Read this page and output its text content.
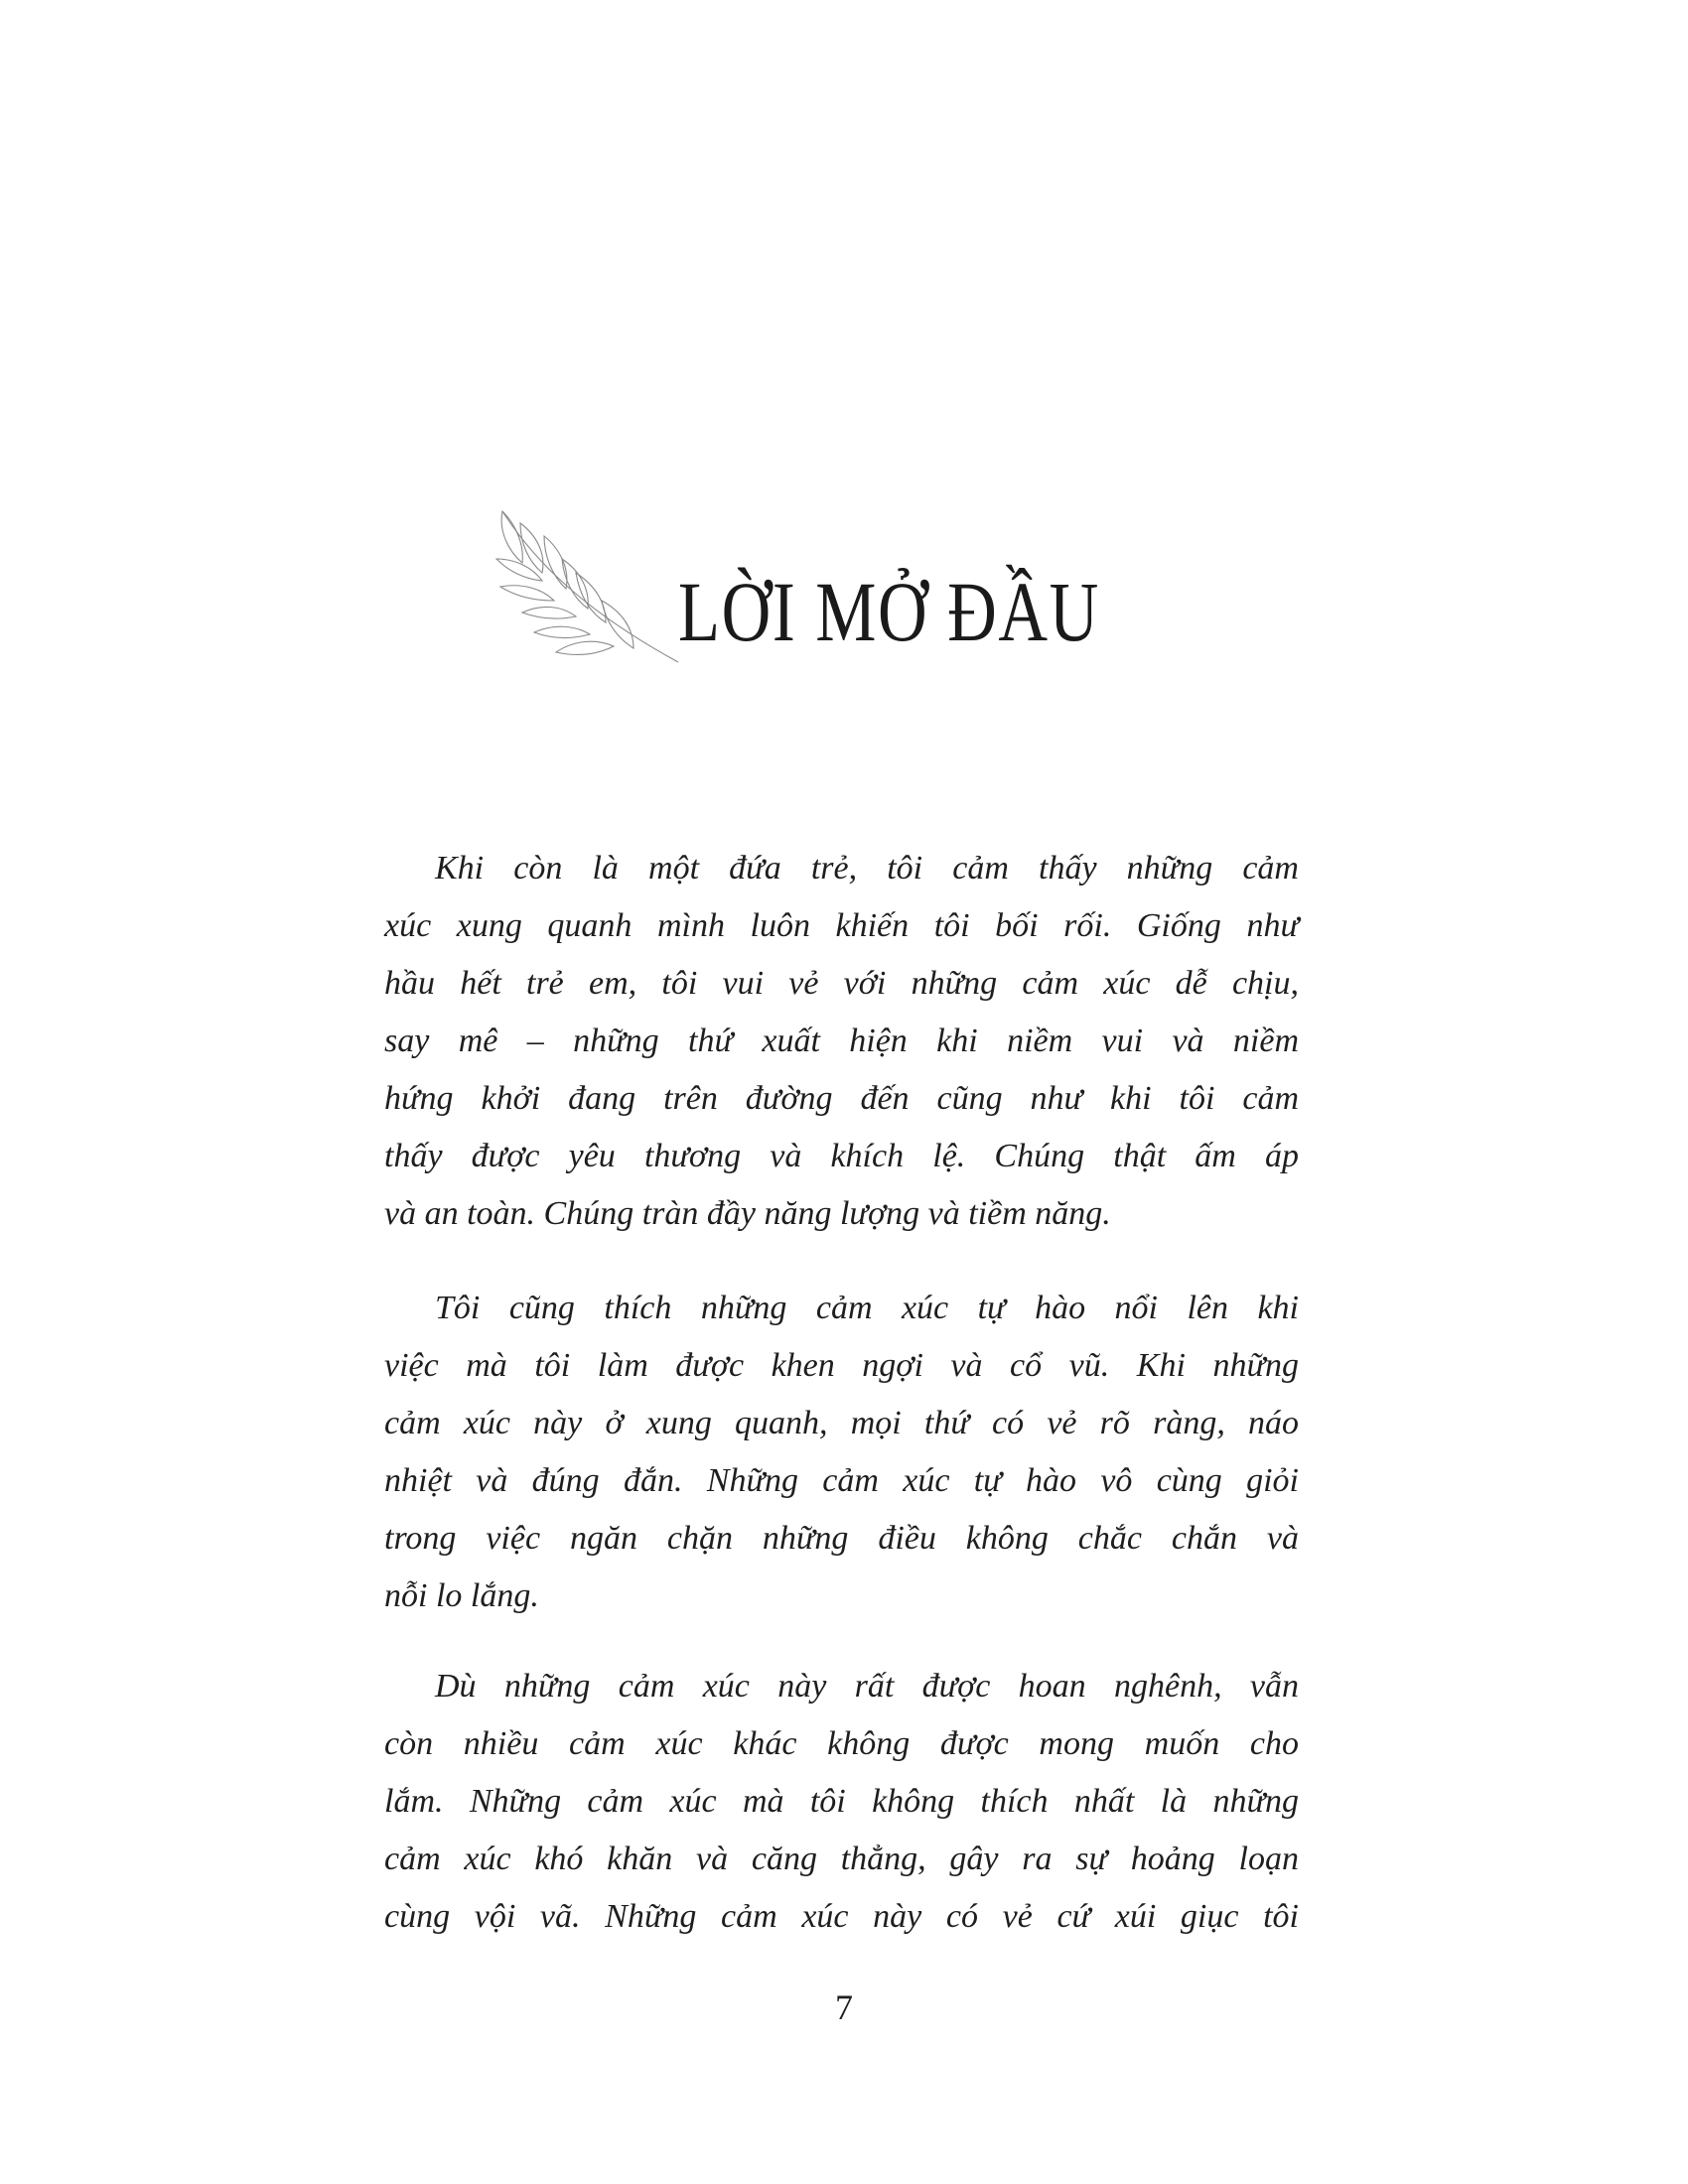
LỜI MỞ ĐẦU
Khi còn là một đứa trẻ, tôi cảm thấy những cảm
xúc xung quanh mình luôn khiến tôi bối rối. Giống như
hầu hết trẻ em, tôi vui vẻ với những cảm xúc dễ chịu,
say mê – những thứ xuất hiện khi niềm vui và niềm
hứng khởi đang trên đường đến cũng như khi tôi cảm
thấy được yêu thương và khích lệ. Chúng thật ấm áp
và an toàn. Chúng tràn đầy năng lượng và tiềm năng.
Tôi cũng thích những cảm xúc tự hào nổi lên khi
việc mà tôi làm được khen ngợi và cổ vũ. Khi những
cảm xúc này ở xung quanh, mọi thứ có vẻ rõ ràng, náo
nhiệt và đúng đắn. Những cảm xúc tự hào vô cùng giỏi
trong việc ngăn chặn những điều không chắc chắn và
nỗi lo lắng.
Dù những cảm xúc này rất được hoan nghênh, vẫn
còn nhiều cảm xúc khác không được mong muốn cho
lắm. Những cảm xúc mà tôi không thích nhất là những
cảm xúc khó khăn và căng thẳng, gây ra sự hoảng loạn
cùng vội vã. Những cảm xúc này có vẻ cứ xúi giục tôi
7
